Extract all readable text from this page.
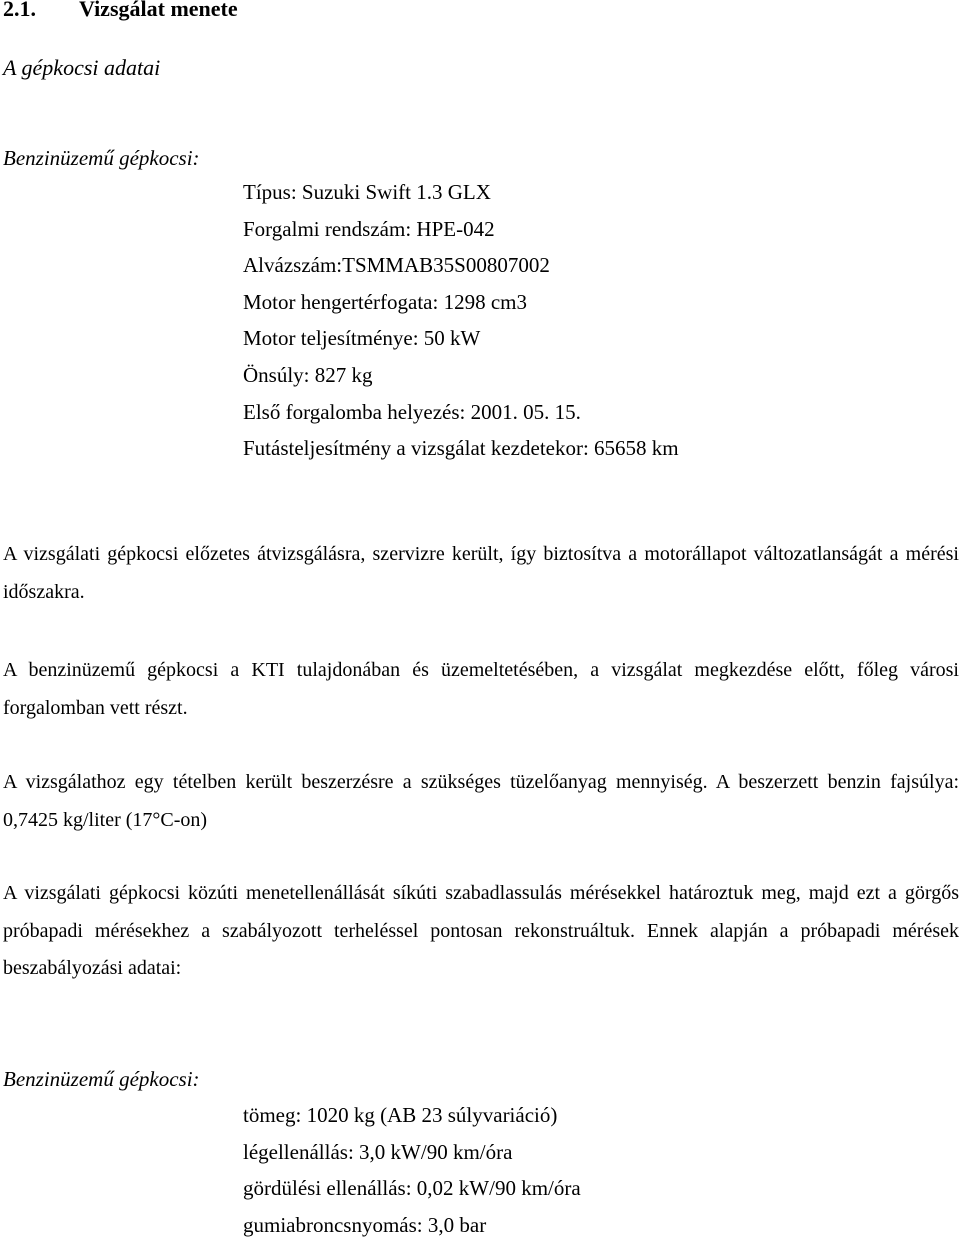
2.1. Vizsgálat menete
A gépkocsi adatai
Benzinüzemű gépkocsi:
Típus: Suzuki Swift 1.3 GLX
Forgalmi rendszám: HPE-042
Alvázszám:TSMMAB35S00807002
Motor hengertérfogata: 1298 cm3
Motor teljesítménye: 50 kW
Önsúly: 827 kg
Első forgalomba helyezés: 2001. 05. 15.
Futásteljesítmény a vizsgálat kezdetekor: 65658 km

A vizsgálati gépkocsi előzetes átvizsgálásra, szervizre került, így biztosítva a motorállapot változatlanságát a mérési időszakra.

A benzinüzemű gépkocsi a KTI tulajdonában és üzemeltetésében, a vizsgálat megkezdése előtt, főleg városi forgalomban vett részt.

A vizsgálathoz egy tételben került beszerzésre a szükséges tüzelőanyag mennyiség. A beszerzett benzin fajsúlya: 0,7425 kg/liter (17°C-on)

A vizsgálati gépkocsi közúti menetellenállását síkúti szabadlassulás mérésekkel határoztuk meg, majd ezt a görgős próbapadi mérésekhez a szabályozott terheléssel pontosan rekonstruáltuk. Ennek alapján a próbapadi mérések beszabályozási adatai:

Benzinüzemű gépkocsi:
tömeg: 1020 kg (AB 23 súlyvariáció)
légellenállás: 3,0 kW/90 km/óra
gördülési ellenállás: 0,02 kW/90 km/óra
gumiabroncsnyomás: 3,0 bar
